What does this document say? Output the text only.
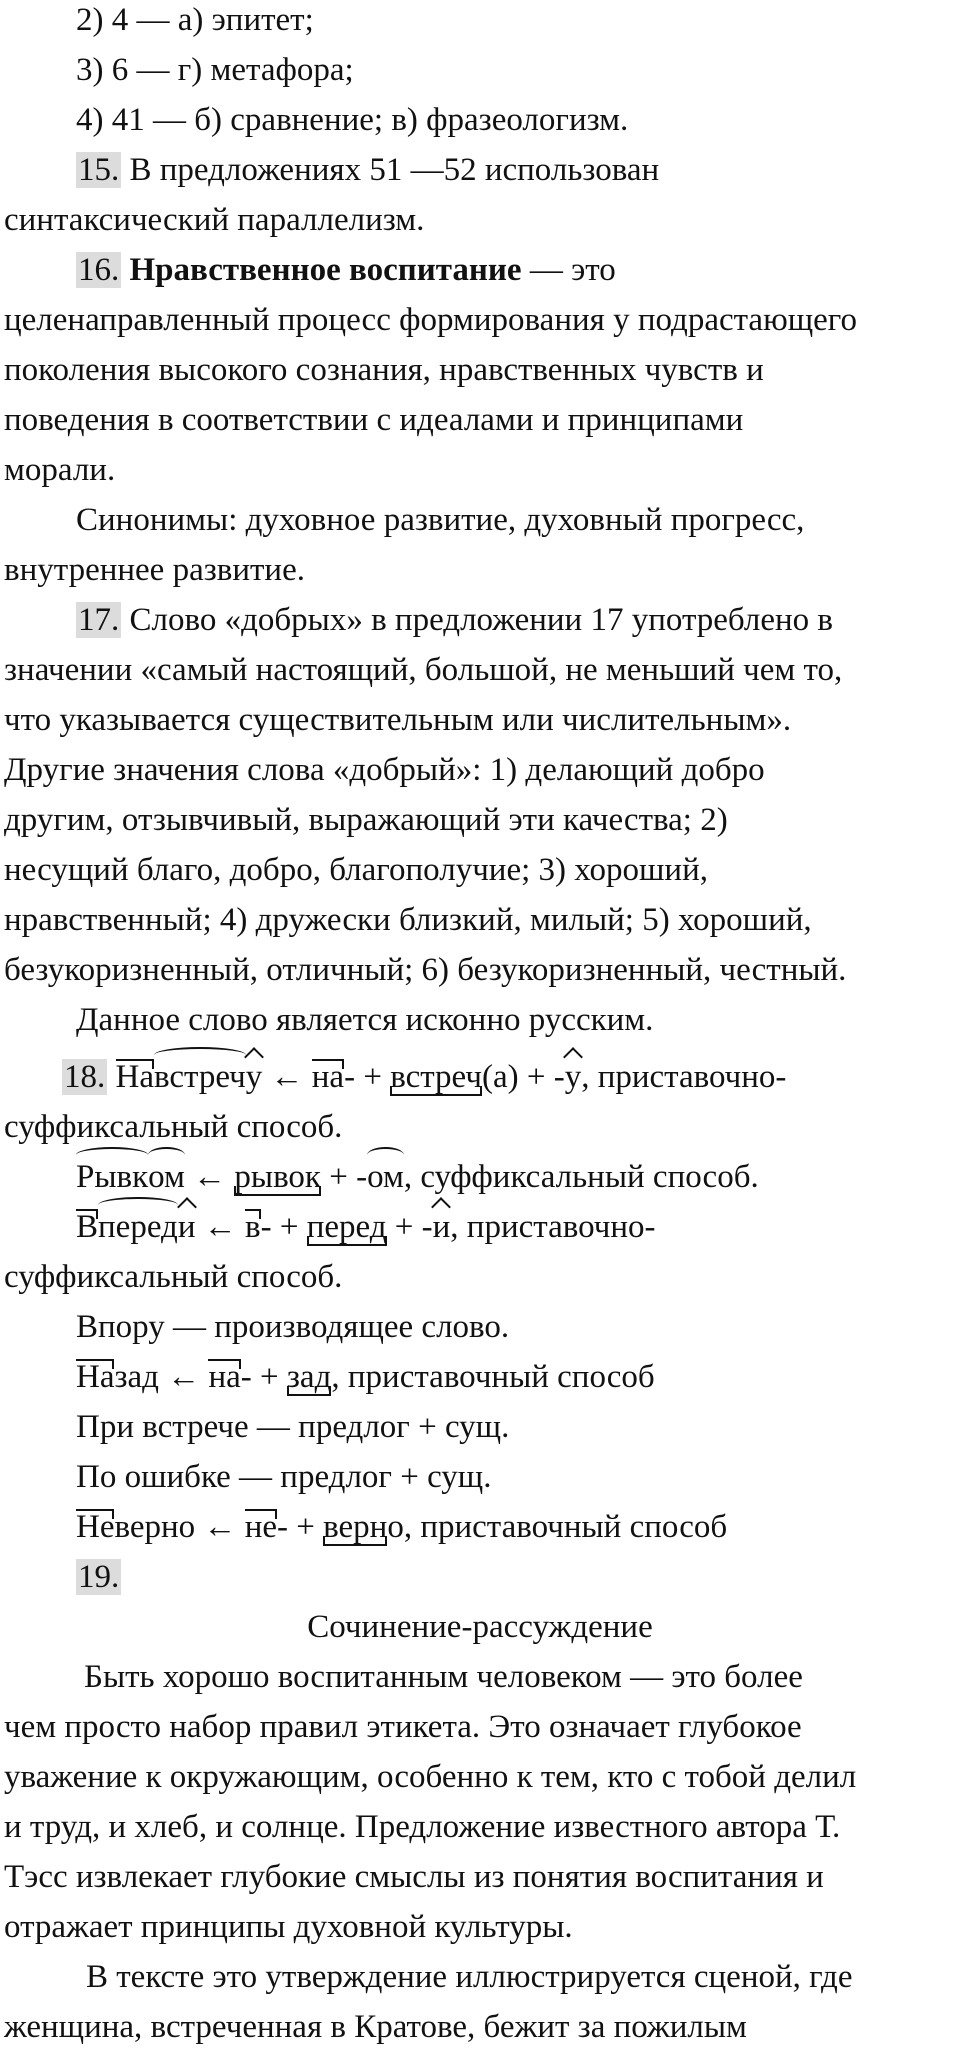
2) 4 — а) эпитет;
3) 6 — г) метафора;
4) 41 — б) сравнение; в) фразеологизм.
15. В предложениях 51 —52 использован
синтаксический параллелизм.
16. Нравственное воспитание — это
целенаправленный процесс формирования у подрастающего
поколения высокого сознания, нравственных чувств и
поведения в соответствии с идеалами и принципами
морали.
Синонимы: духовное развитие, духовный прогресс,
внутреннее развитие.
17. Слово «добрых» в предложении 17 употреблено в
значении «самый настоящий, большой, не меньший чем то,
что указывается существительным или числительным».
Другие значения слова «добрый»: 1) делающий добро
другим, отзывчивый, выражающий эти качества; 2)
несущий благо, добро, благополучие; 3) хороший,
нравственный; 4) дружески близкий, милый; 5) хороший,
безукоризненный, отличный; 6) безукоризненный, честный.
Данное слово является исконно русским.
18. Навстречу ← на- + встреч(а) + -у, приставочно-
суффиксальный способ.
Рывком ← рывок + -ом, суффиксальный способ.
Впереди ← в- + перед + -и, приставочно-
суффиксальный способ.
Впору — производящее слово.
Назад ← на- + зад, приставочный способ
При встрече — предлог + сущ.
По ошибке — предлог + сущ.
Неверно ← не- + верно, приставочный способ
19.
Сочинение-рассуждение
Быть хорошо воспитанным человеком — это более
чем просто набор правил этикета. Это означает глубокое
уважение к окружающим, особенно к тем, кто с тобой делил
и труд, и хлеб, и солнце. Предложение известного автора Т.
Тэсс извлекает глубокие смыслы из понятия воспитания и
отражает принципы духовной культуры.
В тексте это утверждение иллюстрируется сценой, где
женщина, встреченная в Кратове, бежит за пожилым
